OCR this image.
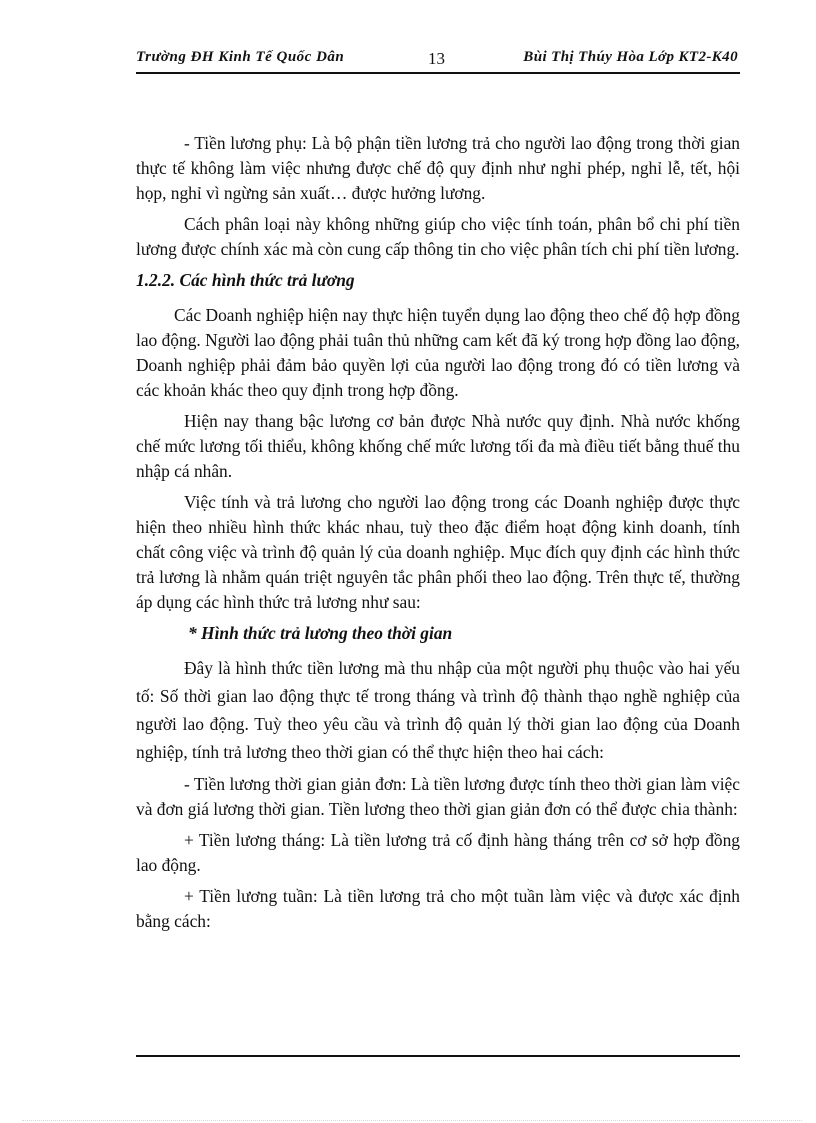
Trường ĐH Kinh Tế Quốc Dân	13	Bùi Thị Thúy Hòa Lớp KT2-K40

- Tiền lương phụ: Là bộ phận tiền lương trả cho người lao động trong thời gian thực tế không làm việc nhưng được chế độ quy định như nghỉ phép, nghỉ lễ, tết, hội họp, nghỉ vì ngừng sản xuất… được hưởng lương.

Cách phân loại này không những giúp cho việc tính toán, phân bổ chi phí tiền lương được chính xác mà còn cung cấp thông tin cho việc phân tích chi phí tiền lương.

1.2.2. Các hình thức trả lương

Các Doanh nghiệp hiện nay thực hiện tuyển dụng lao động theo chế độ hợp đồng lao động. Người lao động phải tuân thủ những cam kết đã ký trong hợp đồng lao động, Doanh nghiệp phải đảm bảo quyền lợi của người lao động trong đó có tiền lương và các khoản khác theo quy định trong hợp đồng.

Hiện nay thang bậc lương cơ bản được Nhà nước quy định. Nhà nước khống chế mức lương tối thiểu, không khống chế mức lương tối đa mà điều tiết bằng thuế thu nhập cá nhân.

Việc tính và trả lương cho người lao động trong các Doanh nghiệp được thực hiện theo nhiều hình thức khác nhau, tuỳ theo đặc điểm hoạt động kinh doanh, tính chất công việc và trình độ quản lý của doanh nghiệp. Mục đích quy định các hình thức trả lương là nhằm quán triệt nguyên tắc phân phối theo lao động. Trên thực tế, thường áp dụng các hình thức trả lương như sau:

* Hình thức trả lương theo thời gian

Đây là hình thức tiền lương mà thu nhập của một người phụ thuộc vào hai yếu tố: Số thời gian lao động thực tế trong tháng và trình độ thành thạo nghề nghiệp của người lao động. Tuỳ theo yêu cầu và trình độ quản lý thời gian lao động của Doanh nghiệp, tính trả lương theo thời gian có thể thực hiện theo hai cách:

- Tiền lương thời gian giản đơn: Là tiền lương được tính theo thời gian làm việc và đơn giá lương thời gian. Tiền lương theo thời gian giản đơn có thể được chia thành:

+ Tiền lương tháng: Là tiền lương trả cố định hàng tháng trên cơ sở hợp đồng lao động.

+ Tiền lương tuần: Là tiền lương trả cho một tuần làm việc và được xác định bằng cách:
